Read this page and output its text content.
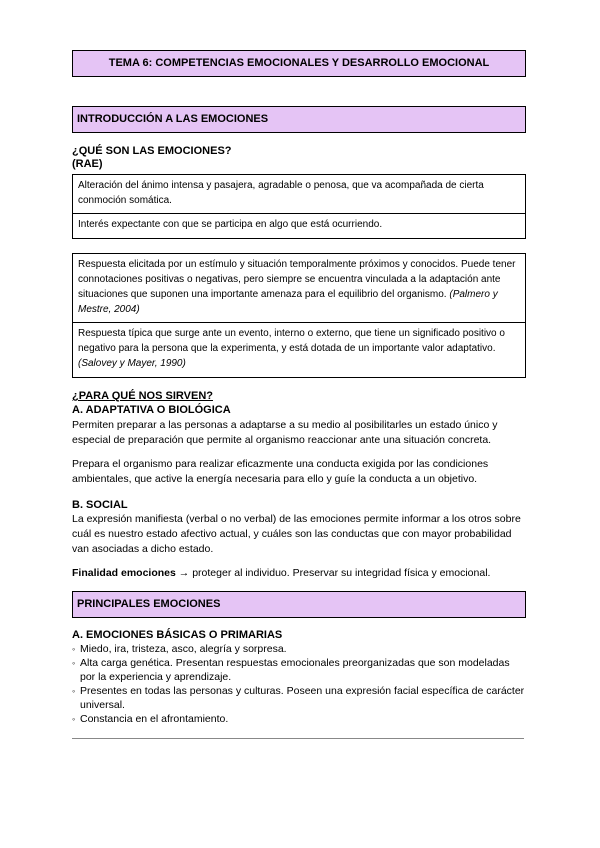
TEMA 6: COMPETENCIAS EMOCIONALES Y DESARROLLO EMOCIONAL
INTRODUCCIÓN A LAS EMOCIONES
¿QUÉ SON LAS EMOCIONES?
(RAE)
Alteración del ánimo intensa y pasajera, agradable o penosa, que va acompañada de cierta conmoción somática.
Interés expectante con que se participa en algo que está ocurriendo.
Respuesta elicitada por un estímulo y situación temporalmente próximos y conocidos. Puede tener connotaciones positivas o negativas, pero siempre se encuentra vinculada a la adaptación ante situaciones que suponen una importante amenaza para el equilibrio del organismo. (Palmero y Mestre, 2004)
Respuesta típica que surge ante un evento, interno o externo, que tiene un significado positivo o negativo para la persona que la experimenta, y está dotada de un importante valor adaptativo. (Salovey y Mayer, 1990)
¿PARA QUÉ NOS SIRVEN?
A. ADAPTATIVA O BIOLÓGICA
Permiten preparar a las personas a adaptarse a su medio al posibilitarles un estado único y especial de preparación que permite al organismo reaccionar ante una situación concreta.
Prepara el organismo para realizar eficazmente una conducta exigida por las condiciones ambientales, que active la energía necesaria para ello y guíe la conducta a un objetivo.
B. SOCIAL
La expresión manifiesta (verbal o no verbal) de las emociones permite informar a los otros sobre cuál es nuestro estado afectivo actual, y cuáles son las conductas que con mayor probabilidad van asociadas a dicho estado.
Finalidad emociones → proteger al individuo. Preservar su integridad física y emocional.
PRINCIPALES EMOCIONES
A. EMOCIONES BÁSICAS O PRIMARIAS
◦ Miedo, ira, tristeza, asco, alegría y sorpresa.
◦ Alta carga genética. Presentan respuestas emocionales preorganizadas que son modeladas por la experiencia y aprendizaje.
◦ Presentes en todas las personas y culturas. Poseen una expresión facial específica de carácter universal.
◦ Constancia en el afrontamiento.
